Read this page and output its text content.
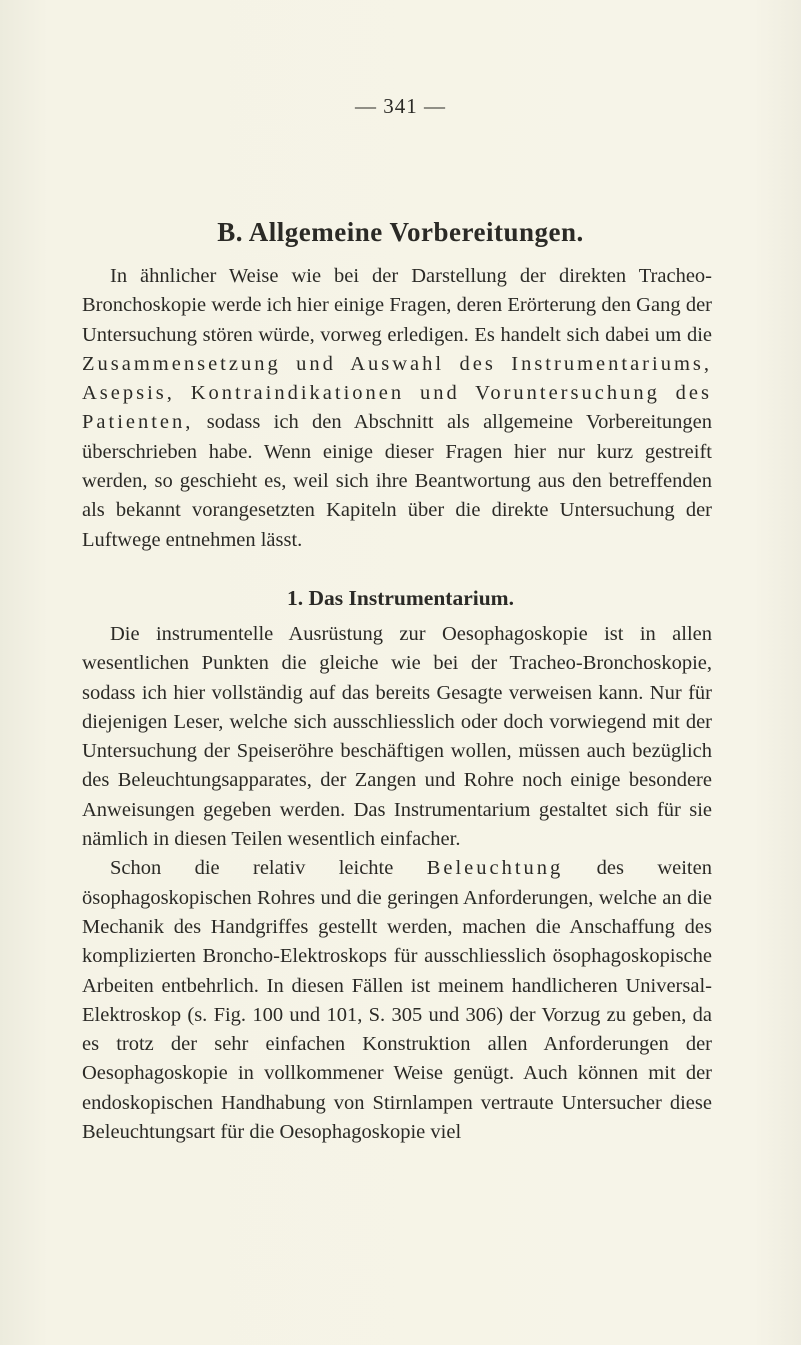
— 341 —
B. Allgemeine Vorbereitungen.

In ähnlicher Weise wie bei der Darstellung der direkten Tracheo-Bronchoskopie werde ich hier einige Fragen, deren Erörterung den Gang der Untersuchung stören würde, vorweg erledigen. Es handelt sich dabei um die Zusammensetzung und Auswahl des Instrumentariums, Asepsis, Kontraindikationen und Voruntersuchung des Patienten, sodass ich den Abschnitt als allgemeine Vorbereitungen überschrieben habe. Wenn einige dieser Fragen hier nur kurz gestreift werden, so geschieht es, weil sich ihre Beantwortung aus den betreffenden als bekannt vorangesetzten Kapiteln über die direkte Untersuchung der Luftwege entnehmen lässt.

1. Das Instrumentarium.

Die instrumentelle Ausrüstung zur Oesophagoskopie ist in allen wesentlichen Punkten die gleiche wie bei der Tracheo-Bronchoskopie, sodass ich hier vollständig auf das bereits Gesagte verweisen kann. Nur für diejenigen Leser, welche sich ausschliesslich oder doch vorwiegend mit der Untersuchung der Speiseröhre beschäftigen wollen, müssen auch bezüglich des Beleuchtungsapparates, der Zangen und Rohre noch einige besondere Anweisungen gegeben werden. Das Instrumentarium gestaltet sich für sie nämlich in diesen Teilen wesentlich einfacher.

Schon die relativ leichte Beleuchtung des weiten ösophagoskopischen Rohres und die geringen Anforderungen, welche an die Mechanik des Handgriffes gestellt werden, machen die Anschaffung des komplizierten Broncho-Elektroskops für ausschliesslich ösophagoskopische Arbeiten entbehrlich. In diesen Fällen ist meinem handlicheren Universal-Elektroskop (s. Fig. 100 und 101, S. 305 und 306) der Vorzug zu geben, da es trotz der sehr einfachen Konstruktion allen Anforderungen der Oesophagoskopie in vollkommener Weise genügt. Auch können mit der endoskopischen Handhabung von Stirnlampen vertraute Untersucher diese Beleuchtungsart für die Oesophagoskopie viel
